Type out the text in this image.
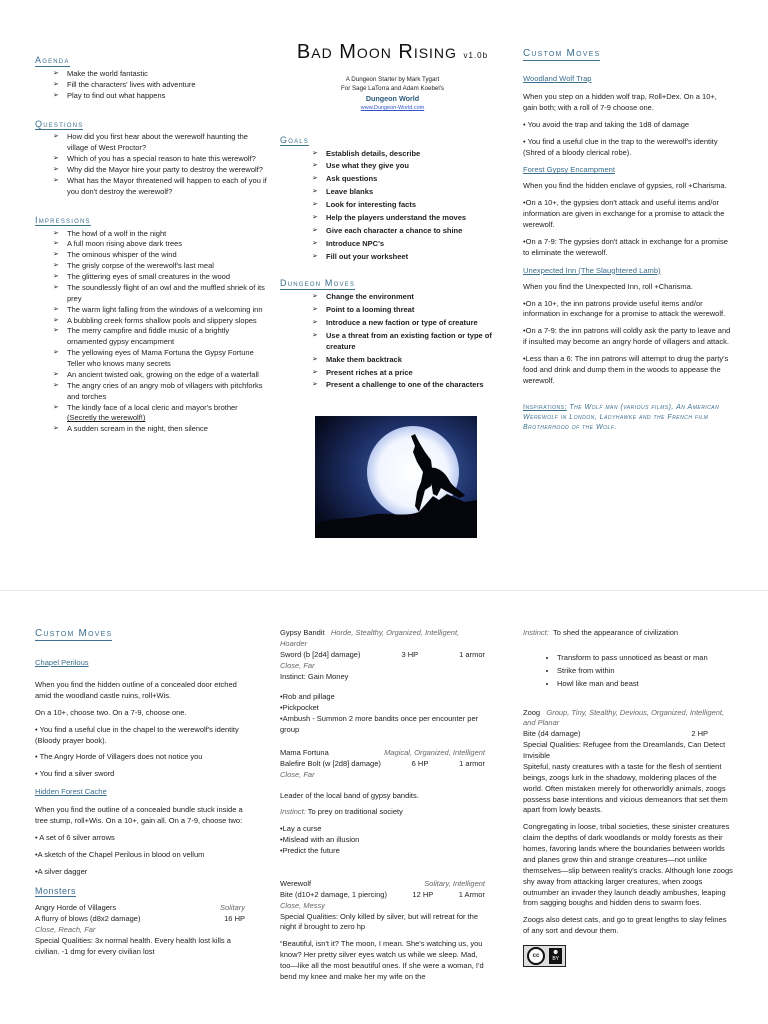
Agenda
➢ Make the world fantastic
➢ Fill the characters' lives with adventure
➢ Play to find out what happens
Questions
➢ How did you first hear about the werewolf haunting the village of West Proctor?
➢ Which of you has a special reason to hate this werewolf?
➢ Why did the Mayor hire your party to destroy the werewolf?
➢ What has the Mayor threatened will happen to each of you if you don't destroy the werewolf?
Impressions
➢ The howl of a wolf in the night
➢ A full moon rising above dark trees
➢ The ominous whisper of the wind
➢ The grisly corpse of the werewolf's last meal
➢ The glittering eyes of small creatures in the wood
➢ The soundlessly flight of an owl and the muffled shriek of its prey
➢ The warm light falling from the windows of a welcoming inn
➢ A bubbling creek forms shallow pools and slippery slopes
➢ The merry campfire and fiddle music of a brightly ornamented gypsy encampment
➢ The yellowing eyes of Mama Fortuna the Gypsy Fortune Teller who knows many secrets
➢ An ancient twisted oak, growing on the edge of a waterfall
➢ The angry cries of an angry mob of villagers with pitchforks and torches
➢ The kindly face of a local cleric and mayor's brother
(Secretly the werewolf!)
➢ A sudden scream in the night, then silence
Bad Moon Rising v1.0b
A Dungeon Starter by Mark Tygart
For Sage LaTorra and Adam Koebel's
Dungeon World
www.Dungeon-World.com
Goals
➢ Establish details, describe
➢ Use what they give you
➢ Ask questions
➢ Leave blanks
➢ Look for interesting facts
➢ Help the players understand the moves
➢ Give each character a chance to shine
➢ Introduce NPC's
➢ Fill out your worksheet
Dungeon Moves
➢ Change the environment
➢ Point to a looming threat
➢ Introduce a new faction or type of creature
➢ Use a threat from an existing faction or type of creature
➢ Make them backtrack
➢ Present riches at a price
➢ Present a challenge to one of the characters
Custom Moves
Woodland Wolf Trap

When you step on a hidden wolf trap, Roll+Dex. On a 10+, gain both; with a roll of 7-9 choose one.

• You avoid the trap and taking the 1d8 of damage

• You find a useful clue in the trap to the werewolf's identity (Shred of a bloody clerical robe).

Forest Gypsy Encampment

When you find the hidden enclave of gypsies, roll +Charisma.

•On a 10+, the gypsies don't attack and useful items and/or information are given in exchange for a promise to attack the werewolf.

•On a 7-9: The gypsies don't attack in exchange for a promise to eliminate the werewolf.

Unexpected Inn (The Slaughtered Lamb)

When you find the Unexpected Inn, roll +Charisma.

•On a 10+, the inn patrons provide useful items and/or information in exchange for a promise to attack the werewolf.

•On a 7-9: the inn patrons will coldly ask the party to leave and if insulted may become an angry horde of villagers and attack.

•Less than a 6: The inn patrons will attempt to drug the party's food and drink and dump them in the woods to appease the werewolf.

Inspirations: The Wolf man (various films), An American Werewolf in London, Ladyhawke and the French film Brotherhood of the Wolf.
Custom Moves
Chapel Perilous

When you find the hidden outline of a concealed door etched amid the woodland castle ruins, roll+Wis.

On a 10+, choose two. On a 7-9, choose one.

• You find a useful clue in the chapel to the werewolf's identity (Bloody prayer book).

• The Angry Horde of Villagers does not notice you

• You find a silver sword

Hidden Forest Cache

When you find the outline of a concealed bundle stuck inside a tree stump, roll+Wis. On a 10+, gain all. On a 7-9, choose two:

• A set of 6 silver arrows

•A sketch of the Chapel Perilous in blood on vellum

•A silver dagger

Monsters
Angry Horde of Villagers	Solitary
A flurry of blows (d8x2 damage)	16 HP
Close, Reach, Far
Special Qualities: 3x normal health. Every health lost kills a civilian. -1 dmg for every civilian lost
Gypsy Bandit Horde, Stealthy, Organized, Intelligent, Hoarder
Sword (b [2d4] damage)	3 HP	1 armor
Close, Far
Instinct: Gain Money
•Rob and pillage
•Pickpocket
•Ambush - Summon 2 more bandits once per encounter per group
Mama Fortuna	Magical, Organized, Intelligent
Balefire Bolt (w [2d8] damage)	6 HP	1 armor
Close, Far

Leader of the local band of gypsy bandits.

Instinct: To prey on traditional society

•Lay a curse
•Mislead with an illusion
•Predict the future
Werewolf	Solitary, Intelligent
Bite (d10+2 damage, 1 piercing)	12 HP	1 Armor
Close, Messy

Special Qualities: Only killed by silver, but will retreat for the night if brought to zero hp

“Beautiful, isn't it? The moon, I mean. She's watching us, you know? Her pretty silver eyes watch us while we sleep. Mad, too—like all the most beautiful ones. If she were a woman, I'd bend my knee and make her my wife on the

Instinct: To shed the appearance of civilization
• Transform to pass unnoticed as beast or man
• Strike from within
• Howl like man and beast
Zoog Group, Tiny, Stealthy, Devious, Organized, Intelligent, and Planar
Bite (d4 damage)	2 HP
Special Qualities: Refugee from the Dreamlands, Can Detect Invisible

Spiteful, nasty creatures with a taste for the flesh of sentient beings, zoogs lurk in the shadowy, moldering places of the world. Often mistaken merely for otherworldly animals, zoogs possess base intentions and vicious demeanors that set them apart from lowly beasts.

Congregating in loose, tribal societies, these sinister creatures claim the depths of dark woodlands or moldy forests as their homes, favoring lands where the boundaries between worlds and planes grow thin and strange creatures—not unlike themselves—slip between reality's cracks. Although lone zoogs shy away from attacking larger creatures, when zoogs outnumber an invader they launch deadly ambushes, leaping from sagging boughs and hidden dens to swarm foes.

Zoogs also detest cats, and go to great lengths to slay felines of any sort and devour them.

cc	☻
BY
